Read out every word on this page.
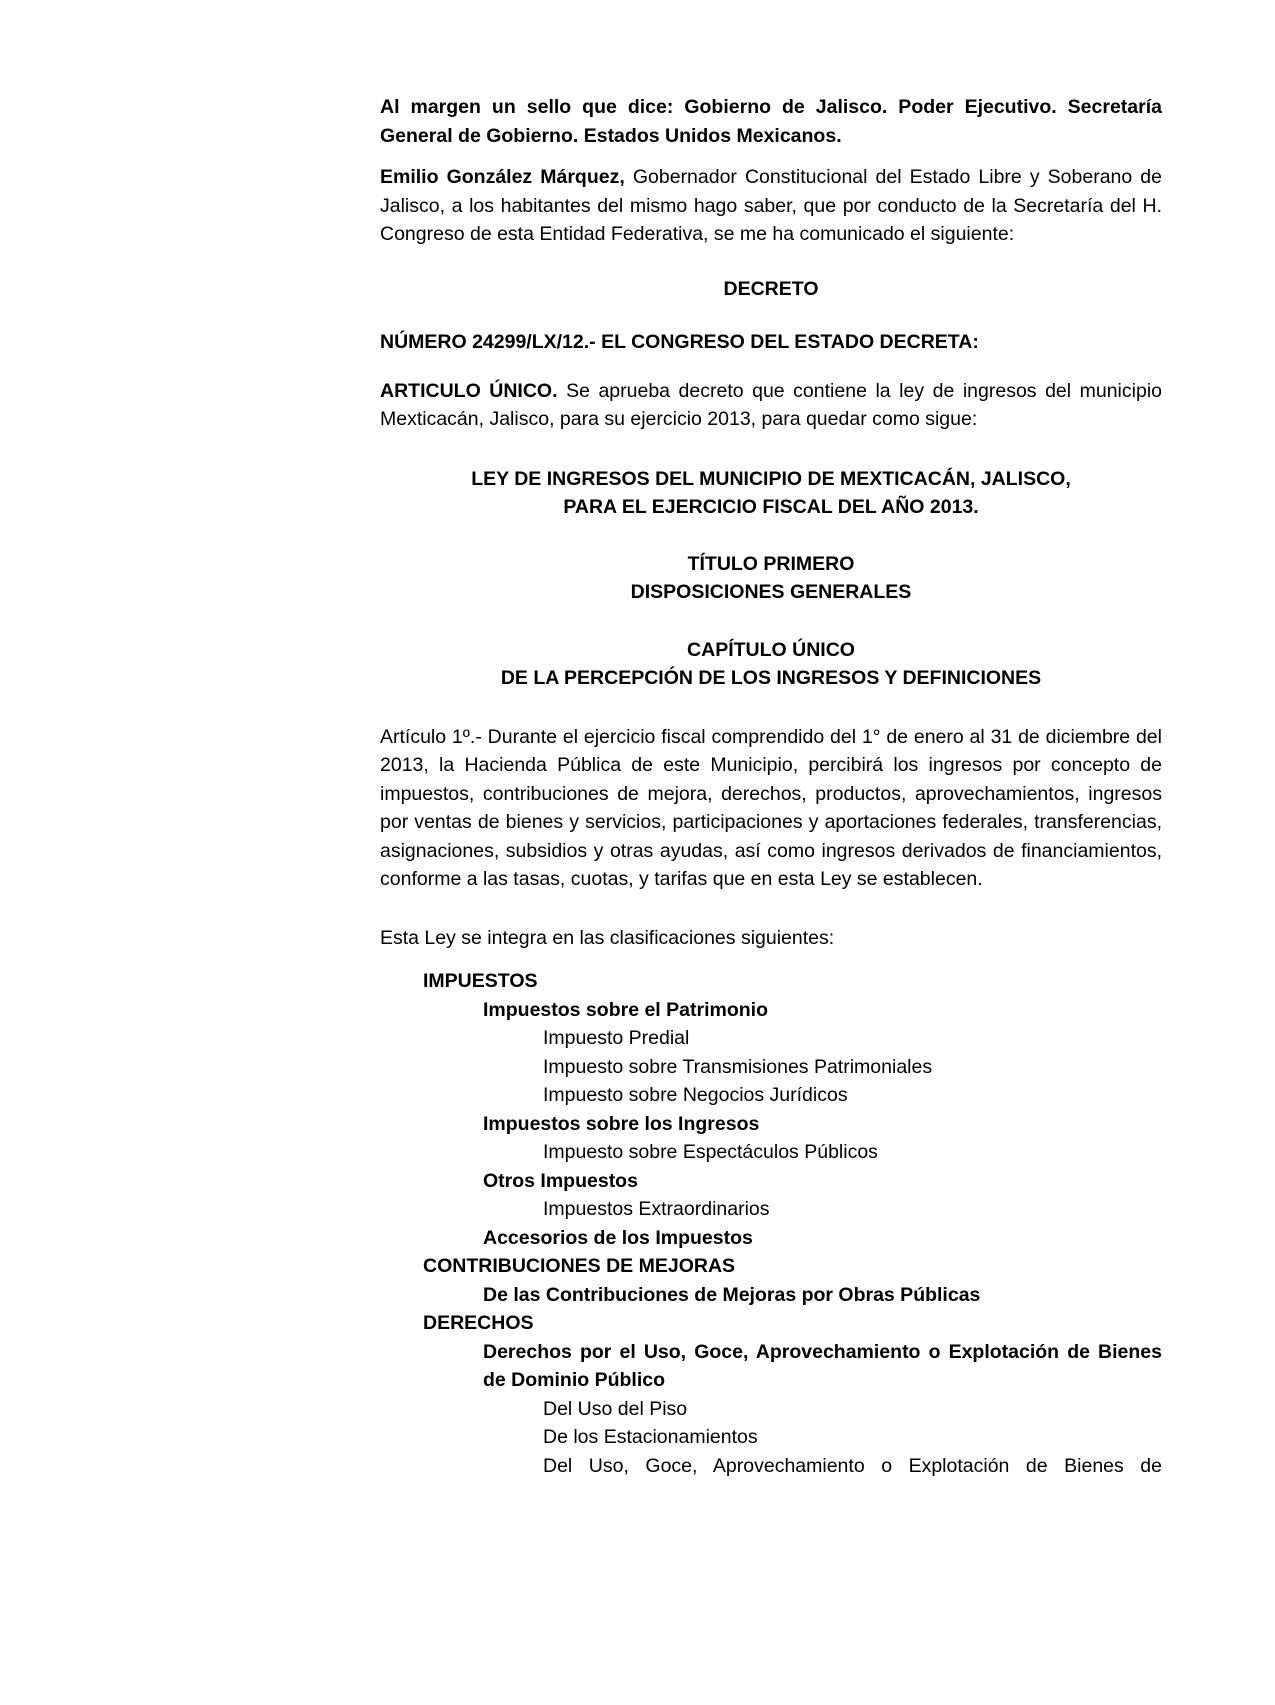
Al margen un sello que dice: Gobierno de Jalisco. Poder Ejecutivo. Secretaría General de Gobierno. Estados Unidos Mexicanos.

Emilio González Márquez, Gobernador Constitucional del Estado Libre y Soberano de Jalisco, a los habitantes del mismo hago saber, que por conducto de la Secretaría del H. Congreso de esta Entidad Federativa, se me ha comunicado el siguiente:

DECRETO

NÚMERO 24299/LX/12.- EL CONGRESO DEL ESTADO DECRETA:

ARTICULO ÚNICO. Se aprueba decreto que contiene la ley de ingresos del municipio Mexticacán, Jalisco, para su ejercicio 2013, para quedar como sigue:

LEY DE INGRESOS DEL MUNICIPIO DE MEXTICACÁN, JALISCO,
PARA EL EJERCICIO FISCAL DEL AÑO 2013.
TÍTULO PRIMERO
DISPOSICIONES GENERALES
CAPÍTULO ÚNICO
DE LA PERCEPCIÓN DE LOS INGRESOS Y DEFINICIONES

Artículo 1º.- Durante el ejercicio fiscal comprendido del 1° de enero al 31 de diciembre del 2013, la Hacienda Pública de este Municipio, percibirá los ingresos por concepto de impuestos, contribuciones de mejora, derechos, productos, aprovechamientos, ingresos por ventas de bienes y servicios, participaciones y aportaciones federales, transferencias, asignaciones, subsidios y otras ayudas, así como ingresos derivados de financiamientos, conforme a las tasas, cuotas, y tarifas que en esta Ley se establecen.

Esta Ley se integra en las clasificaciones siguientes:

IMPUESTOS
Impuestos sobre el Patrimonio
Impuesto Predial
Impuesto sobre Transmisiones Patrimoniales
Impuesto sobre Negocios Jurídicos
Impuestos sobre los Ingresos
Impuesto sobre Espectáculos Públicos
Otros Impuestos
Impuestos Extraordinarios
Accesorios de los Impuestos
CONTRIBUCIONES DE MEJORAS
De las Contribuciones de Mejoras por Obras Públicas
DERECHOS
Derechos por el Uso, Goce, Aprovechamiento o Explotación de Bienes de Dominio Público
Del Uso del Piso
De los Estacionamientos
Del Uso, Goce, Aprovechamiento o Explotación de Bienes de
